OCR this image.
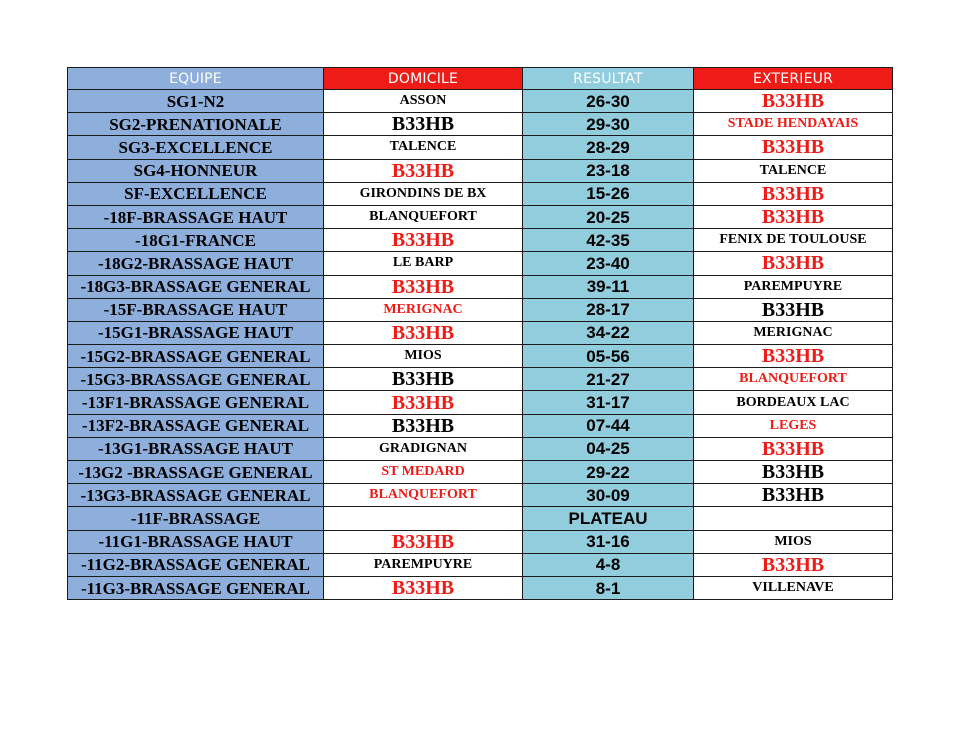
EQUIPE	DOMICILE	RESULTAT	EXTERIEUR
SG1-N2	ASSON	26-30	B33HB
SG2-PRENATIONALE	B33HB	29-30	STADE HENDAYAIS
SG3-EXCELLENCE	TALENCE	28-29	B33HB
SG4-HONNEUR	B33HB	23-18	TALENCE
SF-EXCELLENCE	GIRONDINS DE BX	15-26	B33HB
-18F-BRASSAGE HAUT	BLANQUEFORT	20-25	B33HB
-18G1-FRANCE	B33HB	42-35	FENIX DE TOULOUSE
-18G2-BRASSAGE HAUT	LE BARP	23-40	B33HB
-18G3-BRASSAGE GENERAL	B33HB	39-11	PAREMPUYRE
-15F-BRASSAGE HAUT	MERIGNAC	28-17	B33HB
-15G1-BRASSAGE HAUT	B33HB	34-22	MERIGNAC
-15G2-BRASSAGE GENERAL	MIOS	05-56	B33HB
-15G3-BRASSAGE GENERAL	B33HB	21-27	BLANQUEFORT
-13F1-BRASSAGE GENERAL	B33HB	31-17	BORDEAUX LAC
-13F2-BRASSAGE GENERAL	B33HB	07-44	LEGES
-13G1-BRASSAGE HAUT	GRADIGNAN	04-25	B33HB
-13G2 -BRASSAGE GENERAL	ST MEDARD	29-22	B33HB
-13G3-BRASSAGE GENERAL	BLANQUEFORT	30-09	B33HB
-11F-BRASSAGE		PLATEAU	
-11G1-BRASSAGE HAUT	B33HB	31-16	MIOS
-11G2-BRASSAGE GENERAL	PAREMPUYRE	4-8	B33HB
-11G3-BRASSAGE GENERAL	B33HB	8-1	VILLENAVE
